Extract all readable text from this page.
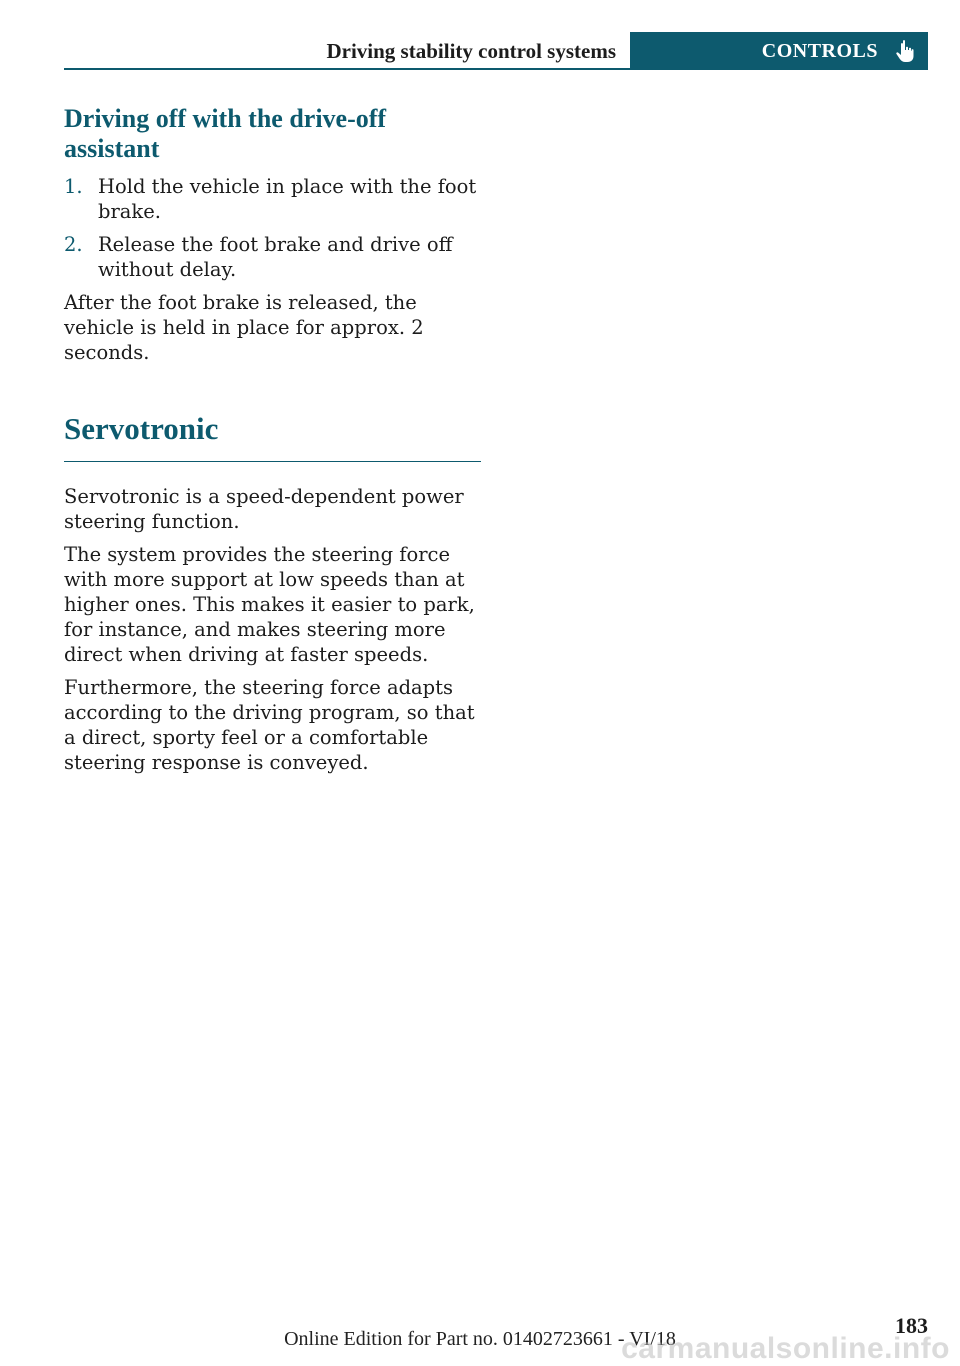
Driving stability control systems	CONTROLS
Driving off with the drive-off assistant
1. Hold the vehicle in place with the foot brake.
2. Release the foot brake and drive off without delay.

After the foot brake is released, the vehicle is held in place for approx. 2 seconds.

Servotronic

Servotronic is a speed-dependent power steering function.

The system provides the steering force with more support at low speeds than at higher ones. This makes it easier to park, for instance, and makes steering more direct when driving at faster speeds.

Furthermore, the steering force adapts according to the driving program, so that a direct, sporty feel or a comfortable steering response is conveyed.

183
Online Edition for Part no. 01402723661 - VI/18
carmanualsonline.info
